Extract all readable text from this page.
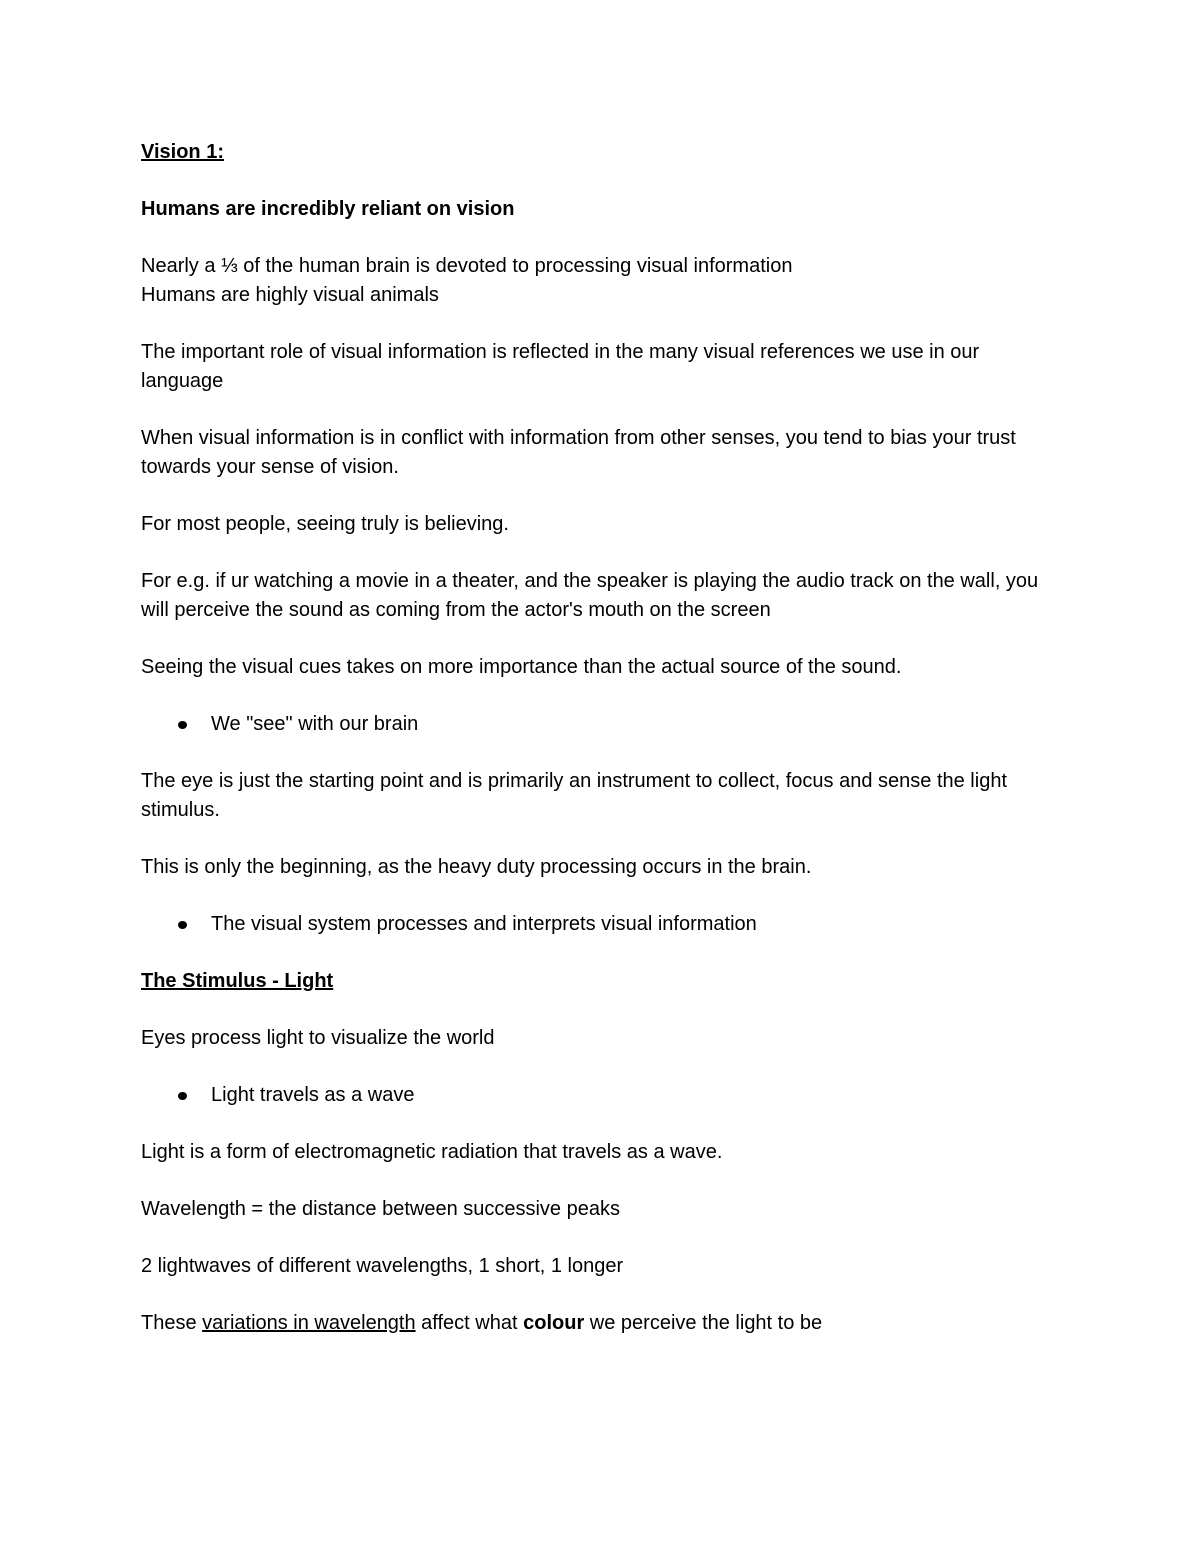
Vision 1:
Humans are incredibly reliant on vision
Nearly a ⅓ of the human brain is devoted to processing visual information
Humans are highly visual animals
The important role of visual information is reflected in the many visual references we use in our language
When visual information is in conflict with information from other senses, you tend to bias your trust towards your sense of vision.
For most people, seeing truly is believing.
For e.g. if ur watching a movie in a theater, and the speaker is playing the audio track on the wall, you will perceive the sound as coming from the actor's mouth on the screen
Seeing the visual cues takes on more importance than the actual source of the sound.
We "see" with our brain
The eye is just the starting point and is primarily an instrument to collect, focus and sense the light stimulus.
This is only the beginning, as the heavy duty processing occurs in the brain.
The visual system processes and interprets visual information
The Stimulus - Light
Eyes process light to visualize the world
Light travels as a wave
Light is a form of electromagnetic radiation that travels as a wave.
Wavelength = the distance between successive peaks
2 lightwaves of different wavelengths, 1 short, 1 longer
These variations in wavelength affect what colour we perceive the light to be
